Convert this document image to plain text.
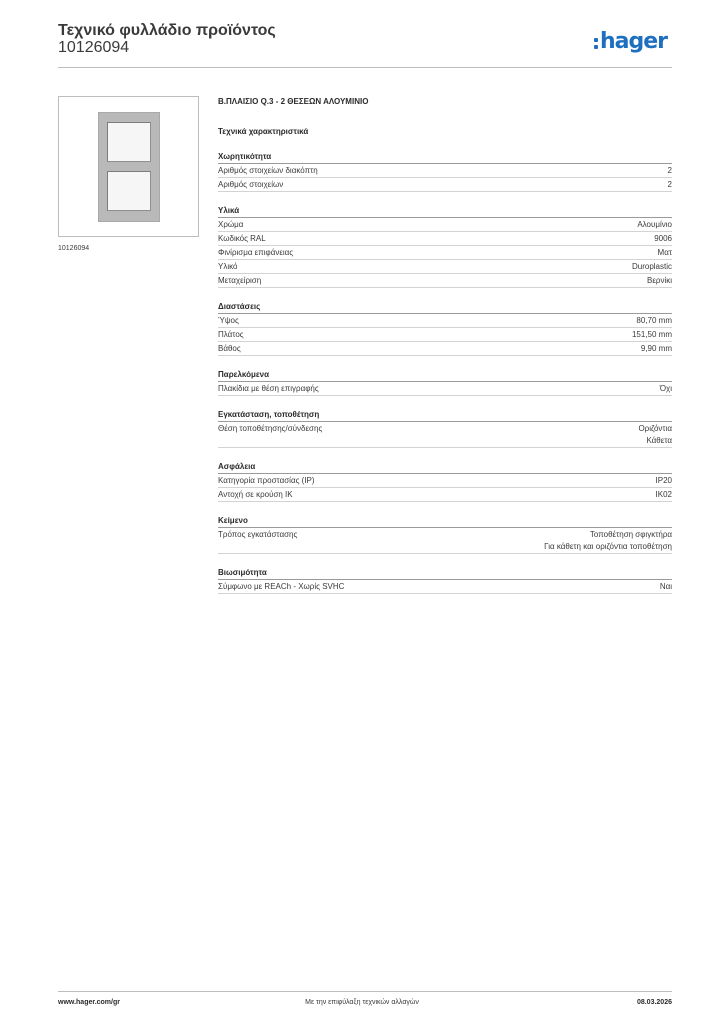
Τεχνικό φυλλάδιο προϊόντος
10126094	hager
10126094
Β.ΠΛΑΙΣΙΟ Q.3 - 2 ΘΕΣΕΩΝ ΑΛΟΥΜΙΝΙΟ
Τεχνικά χαρακτηριστικά
Χωρητικότητα
Αριθμός στοιχείων διακόπτη	2
Αριθμός στοιχείων	2
Υλικά
Χρώμα	Αλουμίνιο
Κωδικός RAL	9006
Φινίρισμα επιφάνειας	Ματ
Υλικό	Duroplastic
Μεταχείριση	Βερνίκι
Διαστάσεις
Ύψος	80,70 mm
Πλάτος	151,50 mm
Βάθος	9,90 mm
Παρελκόμενα
Πλακίδια με θέση επιγραφής	Όχι
Εγκατάσταση, τοποθέτηση
Θέση τοποθέτησης/σύνδεσης	Οριζόντια
Κάθετα
Ασφάλεια
Κατηγορία προστασίας (IP)	IP20
Αντοχή σε κρούση IK	IK02
Κείμενο
Τρόπος εγκατάστασης	Τοποθέτηση σφιγκτήρα
Για κάθετη και οριζόντια τοποθέτηση
Βιωσιμότητα
Σύμφωνο με REACh - Χωρίς SVHC	Ναι
www.hager.com/gr	Με την επιφύλαξη τεχνικών αλλαγών	08.03.2026
